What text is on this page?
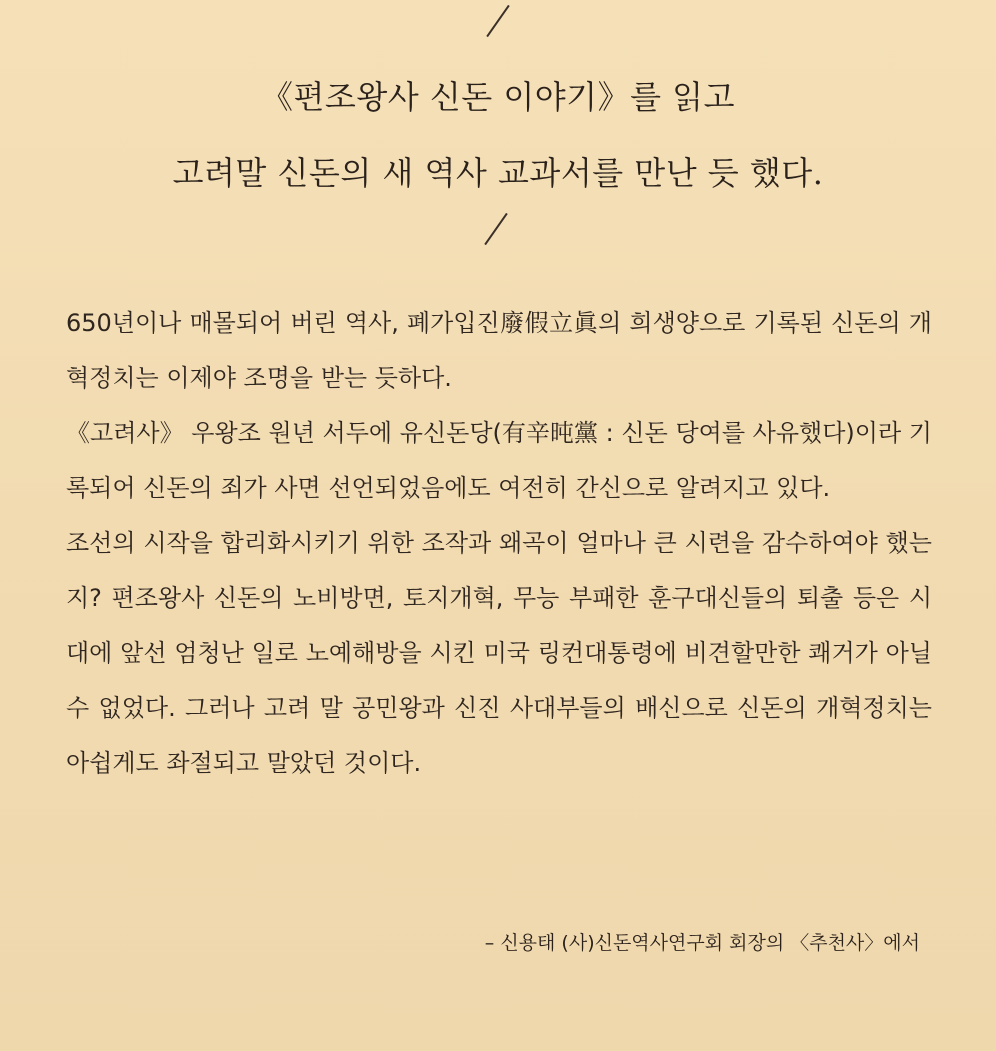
《편조왕사 신돈 이야기》를 읽고
고려말 신돈의 새 역사 교과서를 만난 듯 했다.

650년이나 매몰되어 버린 역사, 폐가입진廢假立眞의 희생양으로 기록된 신돈의 개혁정치는 이제야 조명을 받는 듯하다.

《고려사》 우왕조 원년 서두에 유신돈당(有辛旽黨 : 신돈 당여를 사유했다)이라 기록되어 신돈의 죄가 사면 선언되었음에도 여전히 간신으로 알려지고 있다.

조선의 시작을 합리화시키기 위한 조작과 왜곡이 얼마나 큰 시련을 감수하여야 했는지? 편조왕사 신돈의 노비방면, 토지개혁, 무능 부패한 훈구대신들의 퇴출 등은 시대에 앞선 엄청난 일로 노예해방을 시킨 미국 링컨대통령에 비견할만한 쾌거가 아닐 수 없었다. 그러나 고려 말 공민왕과 신진 사대부들의 배신으로 신돈의 개혁정치는 아쉽게도 좌절되고 말았던 것이다.

– 신용태 (사)신돈역사연구회 회장의 〈추천사〉에서
